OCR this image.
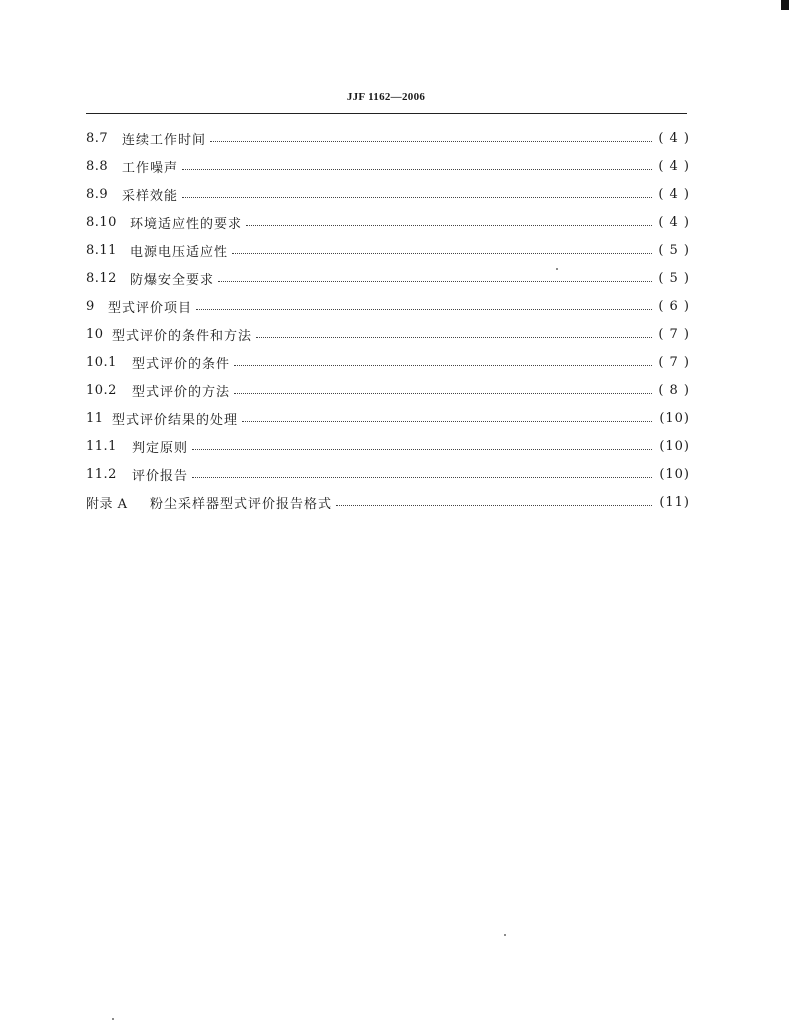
JJF 1162—2006
8.7	连续工作时间	( 4 )
8.8	工作噪声	( 4 )
8.9	采样效能	( 4 )
8.10	环境适应性的要求	( 4 )
8.11	电源电压适应性	( 5 )
8.12	防爆安全要求	( 5 )
9	型式评价项目	( 6 )
10 型式评价的条件和方法	( 7 )
10.1	型式评价的条件	( 7 )
10.2	型式评价的方法	( 8 )
11 型式评价结果的处理	(10)
11.1	判定原则	(10)
11.2	评价报告	(10)
附录 A	粉尘采样器型式评价报告格式	(11)
